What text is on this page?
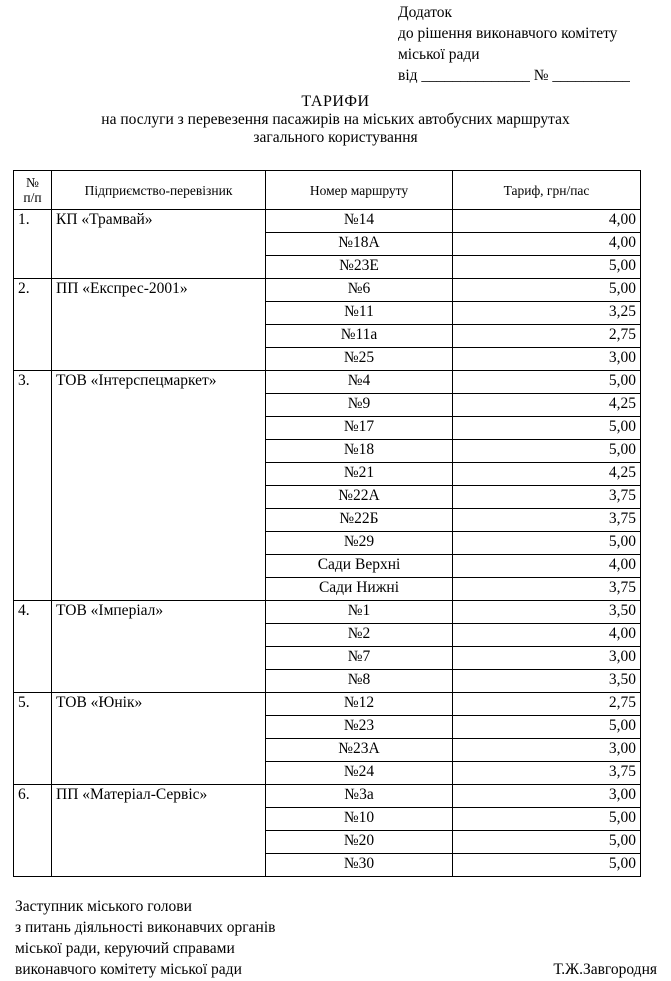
Додаток
до рішення виконавчого комітету
міської ради
від ______________ № __________
ТАРИФИ
на послуги з перевезення пасажирів на міських автобусних маршрутах
загального користування
№
п/п	Підприємство-перевізник	Номер маршруту	Тариф, грн/пас
1.	КП «Трамвай»	№14	4,00
		№18А	4,00
		№23Е	5,00
2.	ПП «Експрес-2001»	№6	5,00
		№11	3,25
		№11а	2,75
		№25	3,00
3.	ТОВ «Інтерспецмаркет»	№4	5,00
		№9	4,25
		№17	5,00
		№18	5,00
		№21	4,25
		№22А	3,75
		№22Б	3,75
		№29	5,00
		Сади Верхні	4,00
		Сади Нижні	3,75
4.	ТОВ «Імперіал»	№1	3,50
		№2	4,00
		№7	3,00
		№8	3,50
5.	ТОВ «Юнік»	№12	2,75
		№23	5,00
		№23А	3,00
		№24	3,75
6.	ПП «Матеріал-Сервіс»	№3а	3,00
		№10	5,00
		№20	5,00
		№30	5,00
Заступник міського голови
з питань діяльності виконавчих органів
міської ради, керуючий справами
виконавчого комітету міської ради	Т.Ж.Завгородня
